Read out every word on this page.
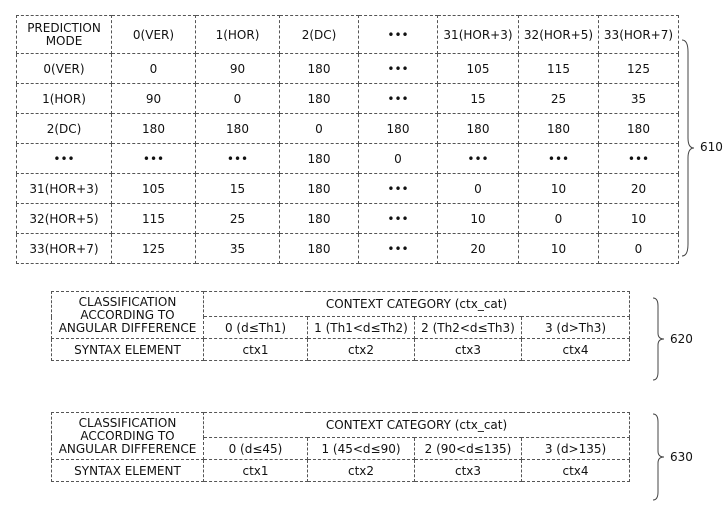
PREDICTION MODE	0(VER)	1(HOR)	2(DC)	•••	31(HOR+3)	32(HOR+5)	33(HOR+7)
0(VER)	0	90	180	•••	105	115	125
1(HOR)	90	0	180	•••	15	25	35
2(DC)	180	180	0	180	180	180	180
•••	•••	•••	180	0	•••	•••	•••
31(HOR+3)	105	15	180	•••	0	10	20
32(HOR+5)	115	25	180	•••	10	0	10
33(HOR+7)	125	35	180	•••	20	10	0
610
CLASSIFICATION ACCORDING TO ANGULAR DIFFERENCE	CONTEXT CATEGORY (ctx_cat)			
	0 (d≤Th1)	1 (Th1<d≤Th2)	2 (Th2<d≤Th3)	3 (d>Th3)
SYNTAX ELEMENT	ctx1	ctx2	ctx3	ctx4
620
CLASSIFICATION ACCORDING TO ANGULAR DIFFERENCE	CONTEXT CATEGORY (ctx_cat)			
	0 (d≤45)	1 (45<d≤90)	2 (90<d≤135)	3 (d>135)
SYNTAX ELEMENT	ctx1	ctx2	ctx3	ctx4
630
